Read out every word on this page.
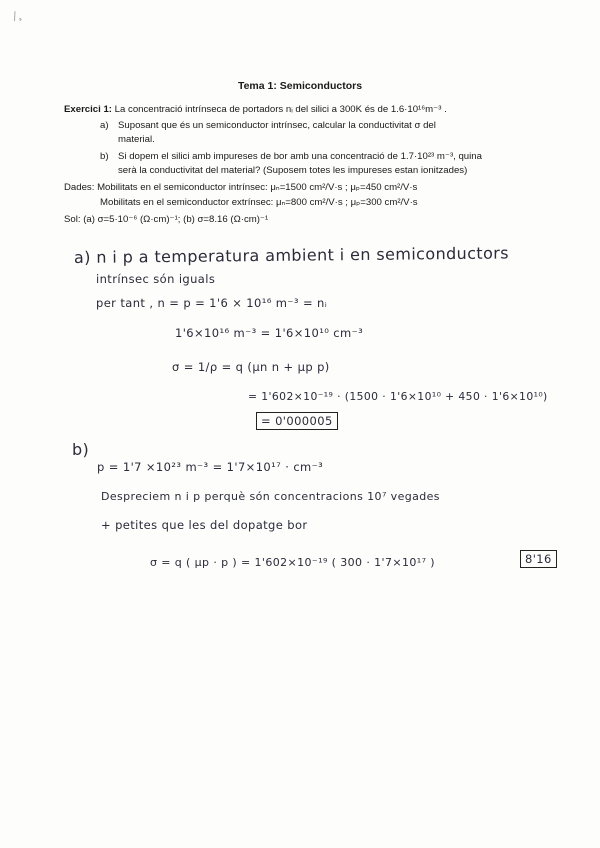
∕¸
Tema 1: Semiconductors
Exercici 1: La concentració intrínseca de portadors nᵢ del silici a 300K és de 1.6·10¹⁶m⁻³ .
a) Suposant que és un semiconductor intrínsec, calcular la conductivitat σ del
material.
b) Si dopem el silici amb impureses de bor amb una concentració de 1.7·10²³ m⁻³, quina
serà la conductivitat del material? (Suposem totes les impureses estan ionitzades)
Dades: Mobilitats en el semiconductor intrínsec: μₙ=1500 cm²/V·s ; μₚ=450 cm²/V·s
Mobilitats en el semiconductor extrínsec: μₙ=800 cm²/V·s ; μₚ=300 cm²/V·s
Sol: (a) σ=5·10⁻⁶ (Ω·cm)⁻¹; (b) σ=8.16 (Ω·cm)⁻¹
a) n i p a temperatura ambient i en semiconductors
intrínsec són iguals
per tant , n = p = 1'6 × 10¹⁶ m⁻³ = nᵢ
1'6×10¹⁶ m⁻³ = 1'6×10¹⁰ cm⁻³
σ = 1/ρ = q (μn n + μp p)
= 1'602×10⁻¹⁹ · (1500 · 1'6×10¹⁰ + 450 · 1'6×10¹⁰)
= 0'000005
b)
p = 1'7 ×10²³ m⁻³ = 1'7×10¹⁷ · cm⁻³
Despreciem n i p perquè són concentracions 10⁷ vegades
+ petites que les del dopatge bor
σ = q ( μp · p ) = 1'602×10⁻¹⁹ ( 300 · 1'7×10¹⁷ )	8'16
